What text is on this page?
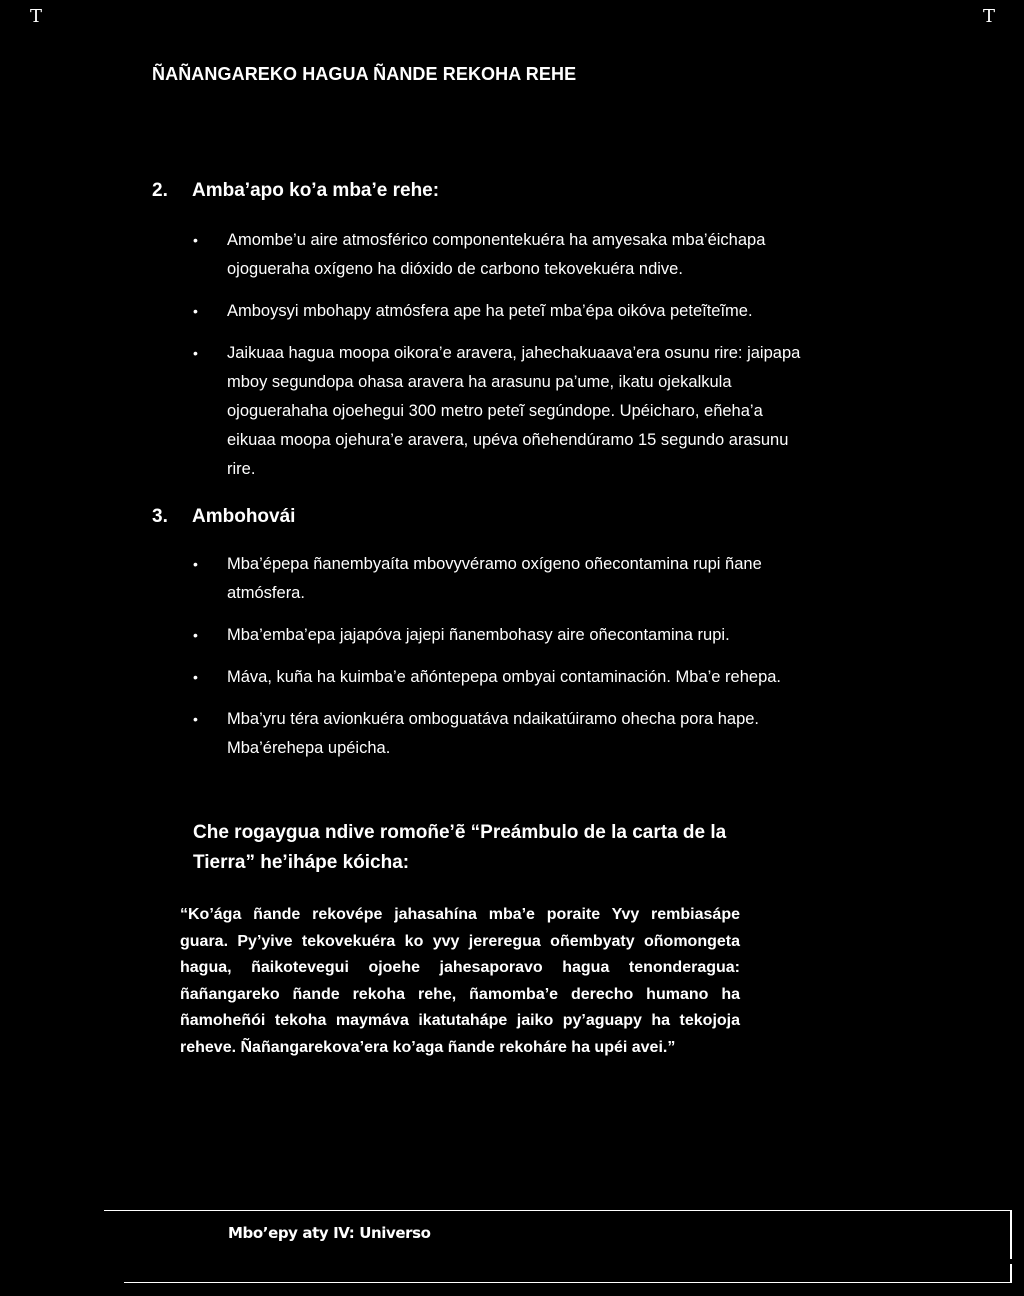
T	T
ÑAÑANGAREKO HAGUA ÑANDE REKOHA REHE
2. Amba’apo ko’a mba’e rehe:
• Amombe’u aire atmosférico componentekuéra ha amyesaka mba’éichapa ojogueraha oxígeno ha dióxido de carbono tekovekuéra ndive.
• Amboysyi mbohapy atmósfera ape ha peteĩ mba’épa oikóva peteĩteĩme.
• Jaikuaa hagua moopa oikora’e aravera, jahechakuaava’era osunu rire: jaipapa mboy segundopa ohasa aravera ha arasunu pa’ume, ikatu ojekalkula ojoguerahaha ojoehegui 300 metro peteĩ segúndope. Upéicharo, eñeha’a eikuaa moopa ojehura’e aravera, upéva oñehendúramo 15 segundo arasunu rire.
3. Ambohovái
• Mba’épepa ñanembyaíta mbovyvéramo oxígeno oñecontamina rupi ñane atmósfera.
• Mba’emba’epa jajapóva jajepi ñanembohasy aire oñecontamina rupi.
• Máva, kuña ha kuimba’e añóntepepa ombyai contaminación. Mba’e rehepa.
• Mba’yru téra avionkuéra omboguatáva ndaikatúiramo ohecha pora hape. Mba’érehepa upéicha.
Che rogaygua ndive romoñe’ẽ “Preámbulo de la carta de la Tierra” he’iháрe kóicha:
“Ko’ága ñande rekovépe jahasahína mba’e poraite Yvy rembiasápe guara. Py’yive tekovekuéra ko yvy jereregua oñembyaty oñomongeta hagua, ñaikotevegui ojoehe jahesaporavo hagua tenonderagua: ñañangareko ñande rekoha rehe, ñamomba’e derecho humano ha ñamoheñói tekoha maymáva ikatutahápe jaiko py’aguapy ha tekojoja reheve. Ñañangarekova’era ko’aga ñande rekohárе ha upéi avei.”
Mbo’epy aty IV: Universo
